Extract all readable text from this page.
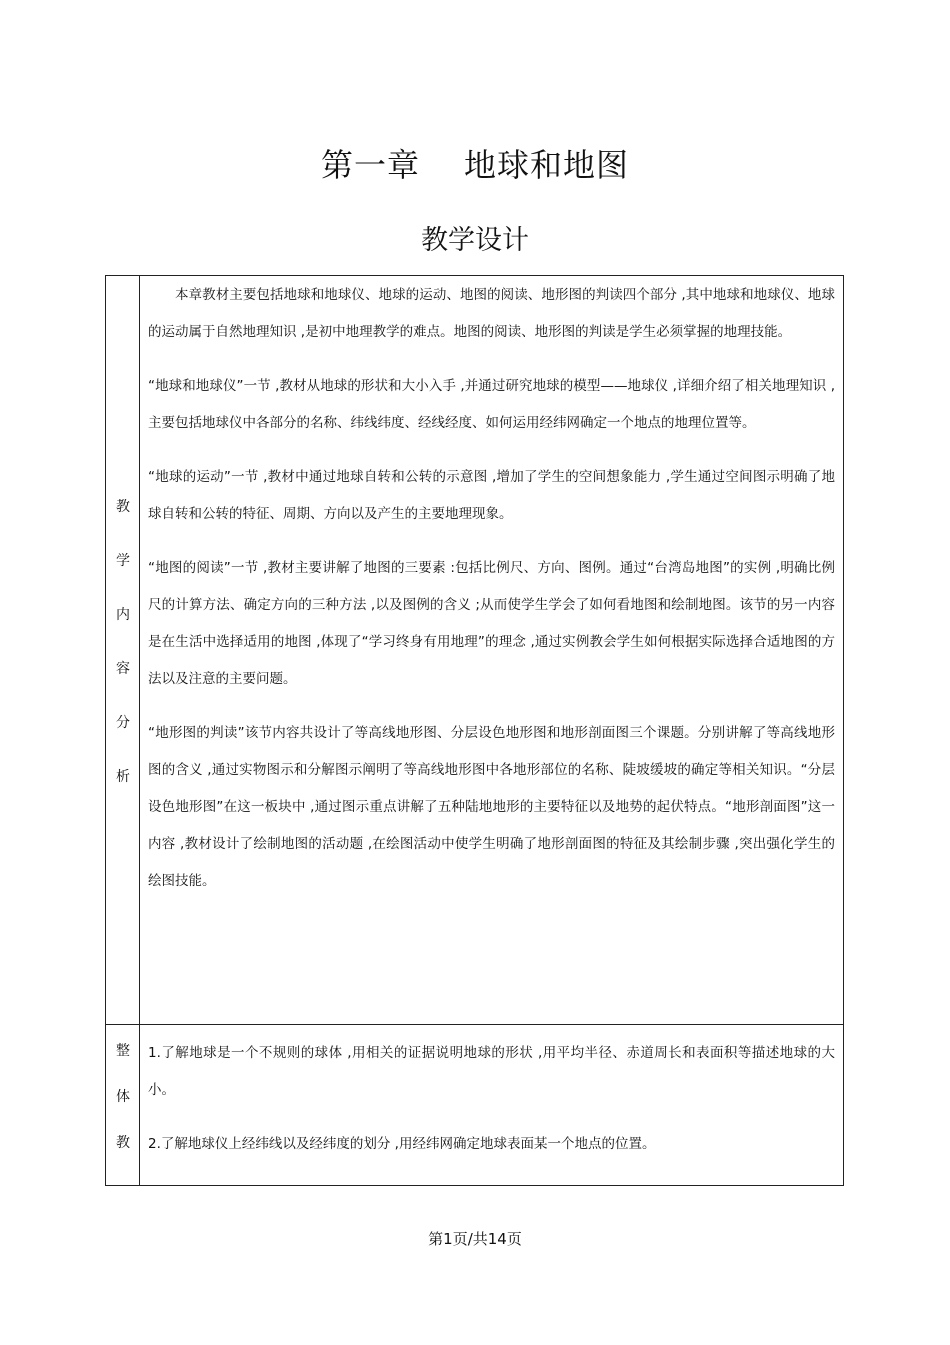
第一章 地球和地图
教学设计
教
学
内
容
分
析

本章教材主要包括地球和地球仪、地球的运动、地图的阅读、地形图的判读四个部分 ,其中地球和地球仪、地球的运动属于自然地理知识 ,是初中地理教学的难点。地图的阅读、地形图的判读是学生必须掌握的地理技能。

“地球和地球仪”一节 ,教材从地球的形状和大小入手 ,并通过研究地球的模型——地球仪 ,详细介绍了相关地理知识 ,主要包括地球仪中各部分的名称、纬线纬度、经线经度、如何运用经纬网确定一个地点的地理位置等。

“地球的运动”一节 ,教材中通过地球自转和公转的示意图 ,增加了学生的空间想象能力 ,学生通过空间图示明确了地球自转和公转的特征、周期、方向以及产生的主要地理现象。

“地图的阅读”一节 ,教材主要讲解了地图的三要素 :包括比例尺、方向、图例。通过“台湾岛地图”的实例 ,明确比例尺的计算方法、确定方向的三种方法 ,以及图例的含义 ;从而使学生学会了如何看地图和绘制地图。该节的另一内容是在生活中选择适用的地图 ,体现了“学习终身有用地理”的理念 ,通过实例教会学生如何根据实际选择合适地图的方法以及注意的主要问题。

“地形图的判读”该节内容共设计了等高线地形图、分层设色地形图和地形剖面图三个课题。分别讲解了等高线地形图的含义 ,通过实物图示和分解图示阐明了等高线地形图中各地形部位的名称、陡坡缓坡的确定等相关知识。“分层设色地形图”在这一板块中 ,通过图示重点讲解了五种陆地地形的主要特征以及地势的起伏特点。“地形剖面图”这一内容 ,教材设计了绘制地图的活动题 ,在绘图活动中使学生明确了地形剖面图的特征及其绘制步骤 ,突出强化学生的绘图技能。

整
体
教

1.了解地球是一个不规则的球体 ,用相关的证据说明地球的形状 ,用平均半径、赤道周长和表面积等描述地球的大小。

2.了解地球仪上经纬线以及经纬度的划分 ,用经纬网确定地球表面某一个地点的位置。

第1页/共14页
